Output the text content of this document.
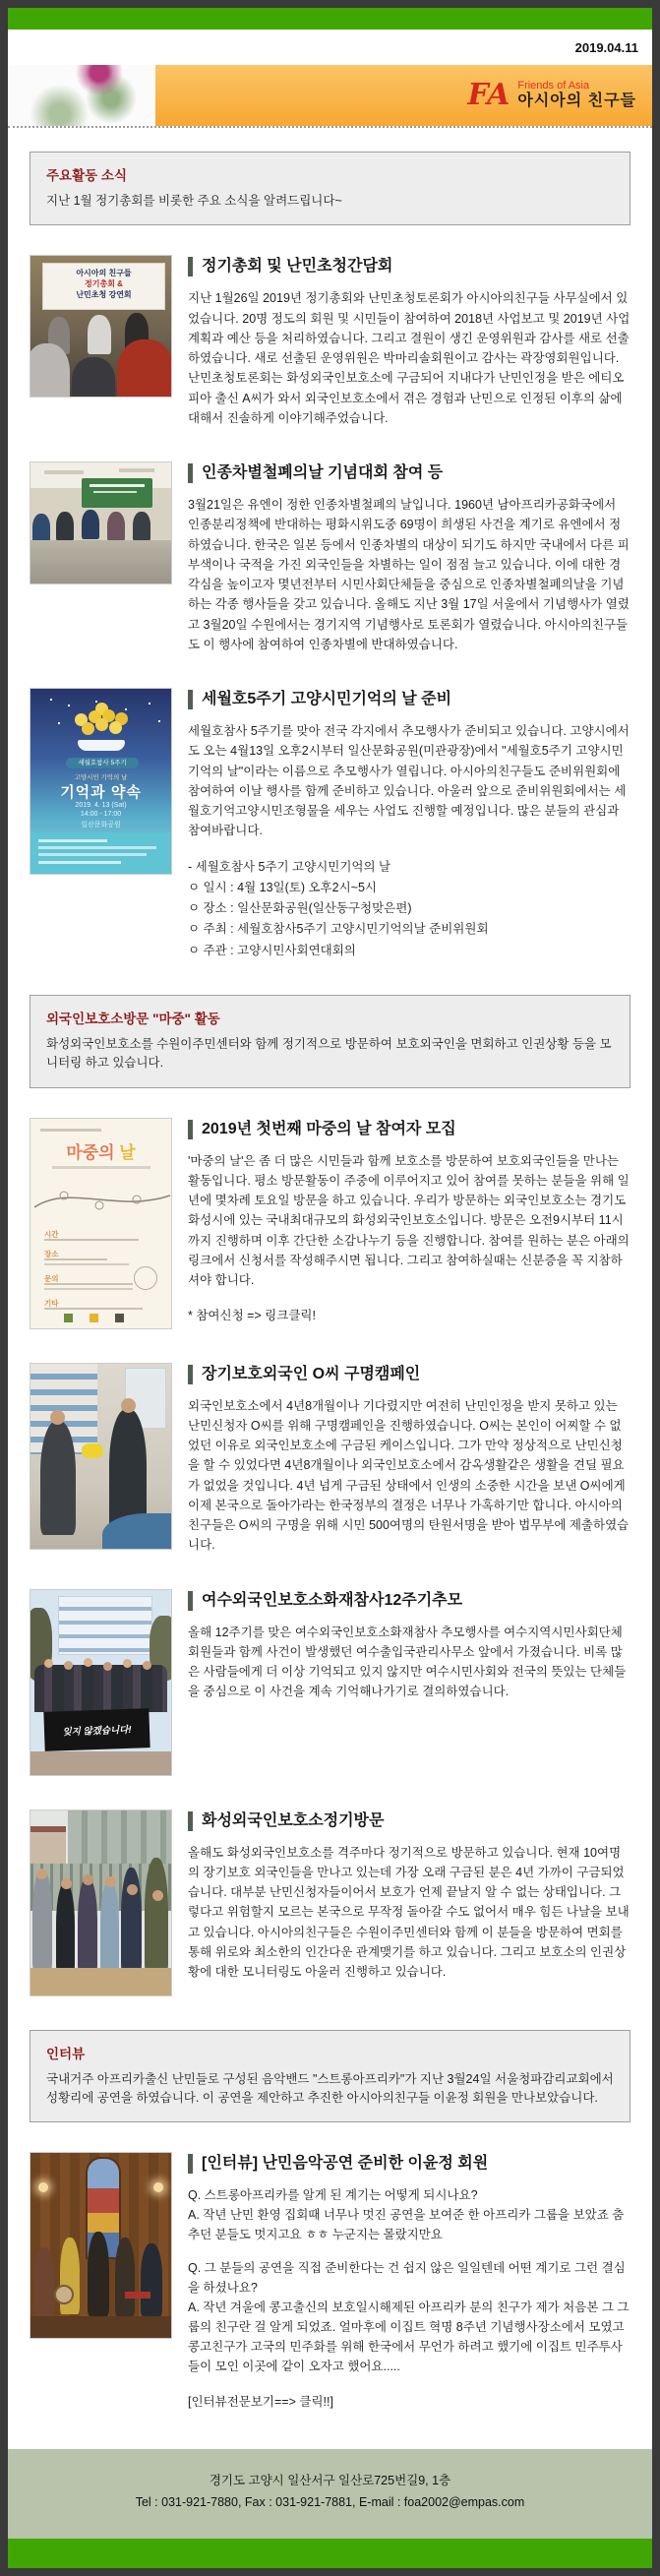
2019.04.11
FA Friends of Asia
아시아의 친구들
주요활동 소식
지난 1월 정기총회를 비롯한 주요 소식을 알려드립니다~
아시아의 친구들
정기총회 &
난민초청 강연회
정기총회 및 난민초청간담회
지난 1월26일 2019년 정기총회와 난민초청토론회가 아시아의친구들 사무실에서 있었습니다. 20명 정도의 회원 및 시민들이 참여하여 2018년 사업보고 및 2019년 사업계획과 예산 등을 처리하였습니다. 그리고 결원이 생긴 운영위원과 감사를 새로 선출하였습니다. 새로 선출된 운영위원은 박마리솔회원이고 감사는 곽장영회원입니다. 난민초청토론회는 화성외국인보호소에 구금되어 지내다가 난민인정을 받은 에티오피아 출신 A씨가 와서 외국인보호소에서 겪은 경험과 난민으로 인정된 이후의 삶에 대해서 진솔하게 이야기해주었습니다.
인종차별철폐의날 기념대회 참여 등
3월21일은 유엔이 정한 인종차별철폐의 날입니다. 1960년 남아프리카공화국에서 인종분리정책에 반대하는 평화시위도중 69명이 희생된 사건을 계기로 유엔에서 정하였습니다. 한국은 일본 등에서 인종차별의 대상이 되기도 하지만 국내에서 다른 피부색이나 국적을 가진 외국인들을 차별하는 일이 점점 늘고 있습니다. 이에 대한 경각심을 높이고자 몇년전부터 시민사회단체들을 중심으로 인종차별철폐의날을 기념하는 각종 행사들을 갖고 있습니다. 올해도 지난 3월 17일 서울에서 기념행사가 열렸고 3월20일 수원에서는 경기지역 기념행사로 토론회가 열렸습니다. 아시아의친구들도 이 행사에 참여하여 인종차별에 반대하였습니다.
세월호참사 5주기
고양시민 기억의 날
기억과 약속
2019. 4. 13 (Sat)
14:00 - 17:00
일산문화공원
세월호5주기 고양시민기억의 날 준비
세월호참사 5주기를 맞아 전국 각지에서 추모행사가 준비되고 있습니다. 고양시에서도 오는 4월13일 오후2시부터 일산문화공원(미관광장)에서 "세월호5주기 고양시민기억의 날"이라는 이름으로 추모행사가 열립니다. 아시아의친구들도 준비위원회에 참여하여 이날 행사를 함께 준비하고 있습니다. 아울러 앞으로 준비위원회에서는 세월호기억고양시민조형물을 세우는 사업도 진행할 예정입니다. 많은 분들의 관심과 참여바랍니다.
- 세월호참사 5주기 고양시민기억의 날
ㅇ 일시 : 4월 13일(토) 오후2시~5시
ㅇ 장소 : 일산문화공원(일산동구청맞은편)
ㅇ 주최 : 세월호참사5주기 고양시민기억의날 준비위원회
ㅇ 주관 : 고양시민사회연대회의
외국인보호소방문 "마중" 활동
화성외국인보호소를 수원이주민센터와 함께 정기적으로 방문하여 보호외국인을 면회하고 인권상황 등을 모니터링 하고 있습니다.
마중의 날
시간
장소
문의
기타
2019년 첫번째 마중의 날 참여자 모집
'마중의 날'은 좀 더 많은 시민들과 함께 보호소를 방문하여 보호외국인들을 만나는 활동입니다. 평소 방문활동이 주중에 이루어지고 있어 참여를 못하는 분들을 위해 일년에 몇차례 토요일 방문을 하고 있습니다. 우리가 방문하는 외국인보호소는 경기도 화성시에 있는 국내최대규모의 화성외국인보호소입니다. 방문은 오전9시부터 11시까지 진행하며 이후 간단한 소감나누기 등을 진행합니다. 참여를 원하는 분은 아래의 링크에서 신청서를 작성해주시면 됩니다. 그리고 참여하실때는 신분증을 꼭 지참하셔야 합니다.
* 참여신청 => 링크클릭!
장기보호외국인 O씨 구명캠페인
외국인보호소에서 4년8개월이나 기다렸지만 여전히 난민인정을 받지 못하고 있는 난민신청자 O씨를 위해 구명캠페인을 진행하였습니다. O씨는 본인이 어찌할 수 없었던 이유로 외국인보호소에 구금된 케이스입니다. 그가 만약 정상적으로 난민신청을 할 수 있었다면 4년8개월이나 외국인보호소에서 감옥생활같은 생활을 견딜 필요가 없었을 것입니다. 4년 넘게 구금된 상태에서 인생의 소중한 시간을 보낸 O씨에게 이제 본국으로 돌아가라는 한국정부의 결정은 너무나 가혹하기만 합니다. 아시아의친구들은 O씨의 구명을 위해 시민 500여명의 탄원서명을 받아 법무부에 제출하였습니다.
잊지 않겠습니다!
여수외국인보호소화재참사12주기추모
올해 12주기를 맞은 여수외국인보호소화재참사 추모행사를 여수지역시민사회단체회원들과 함께 사건이 발생했던 여수출입국관리사무소 앞에서 가졌습니다. 비록 많은 사람들에게 더 이상 기억되고 있지 않지만 여수시민사회와 전국의 뜻있는 단체들을 중심으로 이 사건을 계속 기억해나가기로 결의하였습니다.
화성외국인보호소정기방문
올해도 화성외국인보호소를 격주마다 정기적으로 방문하고 있습니다. 현재 10여명의 장기보호 외국인들을 만나고 있는데 가장 오래 구금된 분은 4년 가까이 구금되었습니다. 대부분 난민신청자들이어서 보호가 언제 끝날지 알 수 없는 상태입니다. 그렇다고 위험할지 모르는 본국으로 무작정 돌아갈 수도 없어서 매우 힘든 나날을 보내고 있습니다. 아시아의친구들은 수원이주민센터와 함께 이 분들을 방문하여 면회를 통해 위로와 최소한의 인간다운 관계맺기를 하고 있습니다. 그리고 보호소의 인권상황에 대한 모니터링도 아울러 진행하고 있습니다.
인터뷰
국내거주 아프리카출신 난민들로 구성된 음악밴드 "스트롱아프리카"가 지난 3월24일 서울청파감리교회에서 성황리에 공연을 하였습니다. 이 공연을 제안하고 추진한 아시아의친구들 이윤정 회원을 만나보았습니다.
[인터뷰] 난민음악공연 준비한 이윤정 회원
Q. 스트롱아프리카를 알게 된 계기는 어떻게 되시나요?
A. 작년 난민 환영 집회때 너무나 멋진 공연을 보여준 한 아프리카 그룹을 보았죠 춤추던 분들도 멋지고요 ㅎㅎ 누군지는 몰랐지만요
Q. 그 분들의 공연을 직접 준비한다는 건 쉽지 않은 일일텐데 어떤 계기로 그런 결심을 하셨나요?
A. 작년 겨울에 콩고출신의 보호일시해제된 아프리카 분의 친구가 제가 처음본 그 그룹의 친구란 걸 알게 되었죠. 얼마후에 이집트 혁명 8주년 기념행사장소에서 모였고 콩고친구가 고국의 민주화를 위해 한국에서 무언가 하려고 했기에 이집트 민주투사들이 모인 이곳에 같이 오자고 했어요.....
[인터뷰전문보기==> 클릭!!]
경기도 고양시 일산서구 일산로725번길9, 1층
Tel : 031-921-7880, Fax : 031-921-7881, E-mail : foa2002@empas.com
